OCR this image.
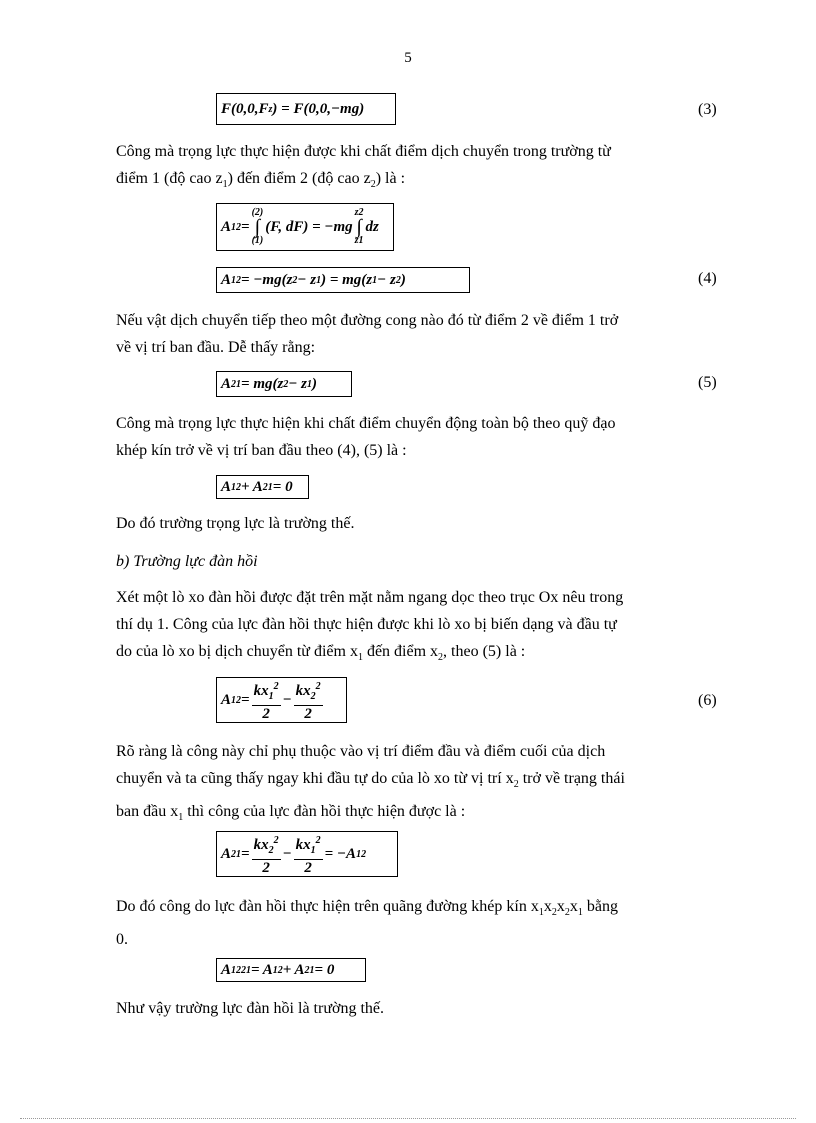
5
F(0,0,F z ) = F(0,0,−mg)	(3)
Công mà trọng lực thực hiện được khi chất điểm dịch chuyển trong trường từ
điểm 1 (độ cao $z_1$) đến điểm 2 (độ cao $z_2$) là :
A 12 =
(2)
∫
(1)
(F, dF) = −mg
z2
∫
z1
dz
A 12 = −mg(z 2 − z 1 ) = mg(z 1 − z 2 )	(4)
Nếu vật dịch chuyển tiếp theo một đường cong nào đó từ điểm 2 về điểm 1 trở
về vị trí ban đầu. Dễ thấy rằng:
A 21 = mg(z 2 − z 1 )	(5)
Công mà trọng lực thực hiện khi chất điểm chuyển động toàn bộ theo quỹ đạo
khép kín trở về vị trí ban đầu theo (4), (5) là :
A 12 + A 21 = 0
Do đó trường trọng lực là trường thế.
b) Trường lực đàn hồi
Xét một lò xo đàn hồi được đặt trên mặt nằm ngang dọc theo trục Ox nêu trong
thí dụ 1. Công của lực đàn hồi thực hiện được khi lò xo bị biến dạng và đầu tự
do của lò xo bị dịch chuyển từ điểm $x_1$ đến điểm $x_2$, theo (5) là :
A $12 = \frac{kx_1^2}{2} - \frac{kx_2^2}{2}$	(6)
Rõ ràng là công này chỉ phụ thuộc vào vị trí điểm đầu và điểm cuối của dịch
chuyển và ta cũng thấy ngay khi đầu tự do của lò xo từ vị trí $x_2$ trở về trạng thái
ban đầu $x_1$ thì công của lực đàn hồi thực hiện được là :
A $21 = \frac{kx_2^2}{2} - \frac{kx_1^2}{2} = -A$ 12
Do đó công do lực đàn hồi thực hiện trên quãng đường khép kín $x_1x_2x_2x_1$ bằng
0.
A 1221 = A 12 + A 21 = 0
Như vậy trường lực đàn hồi là trường thế.
